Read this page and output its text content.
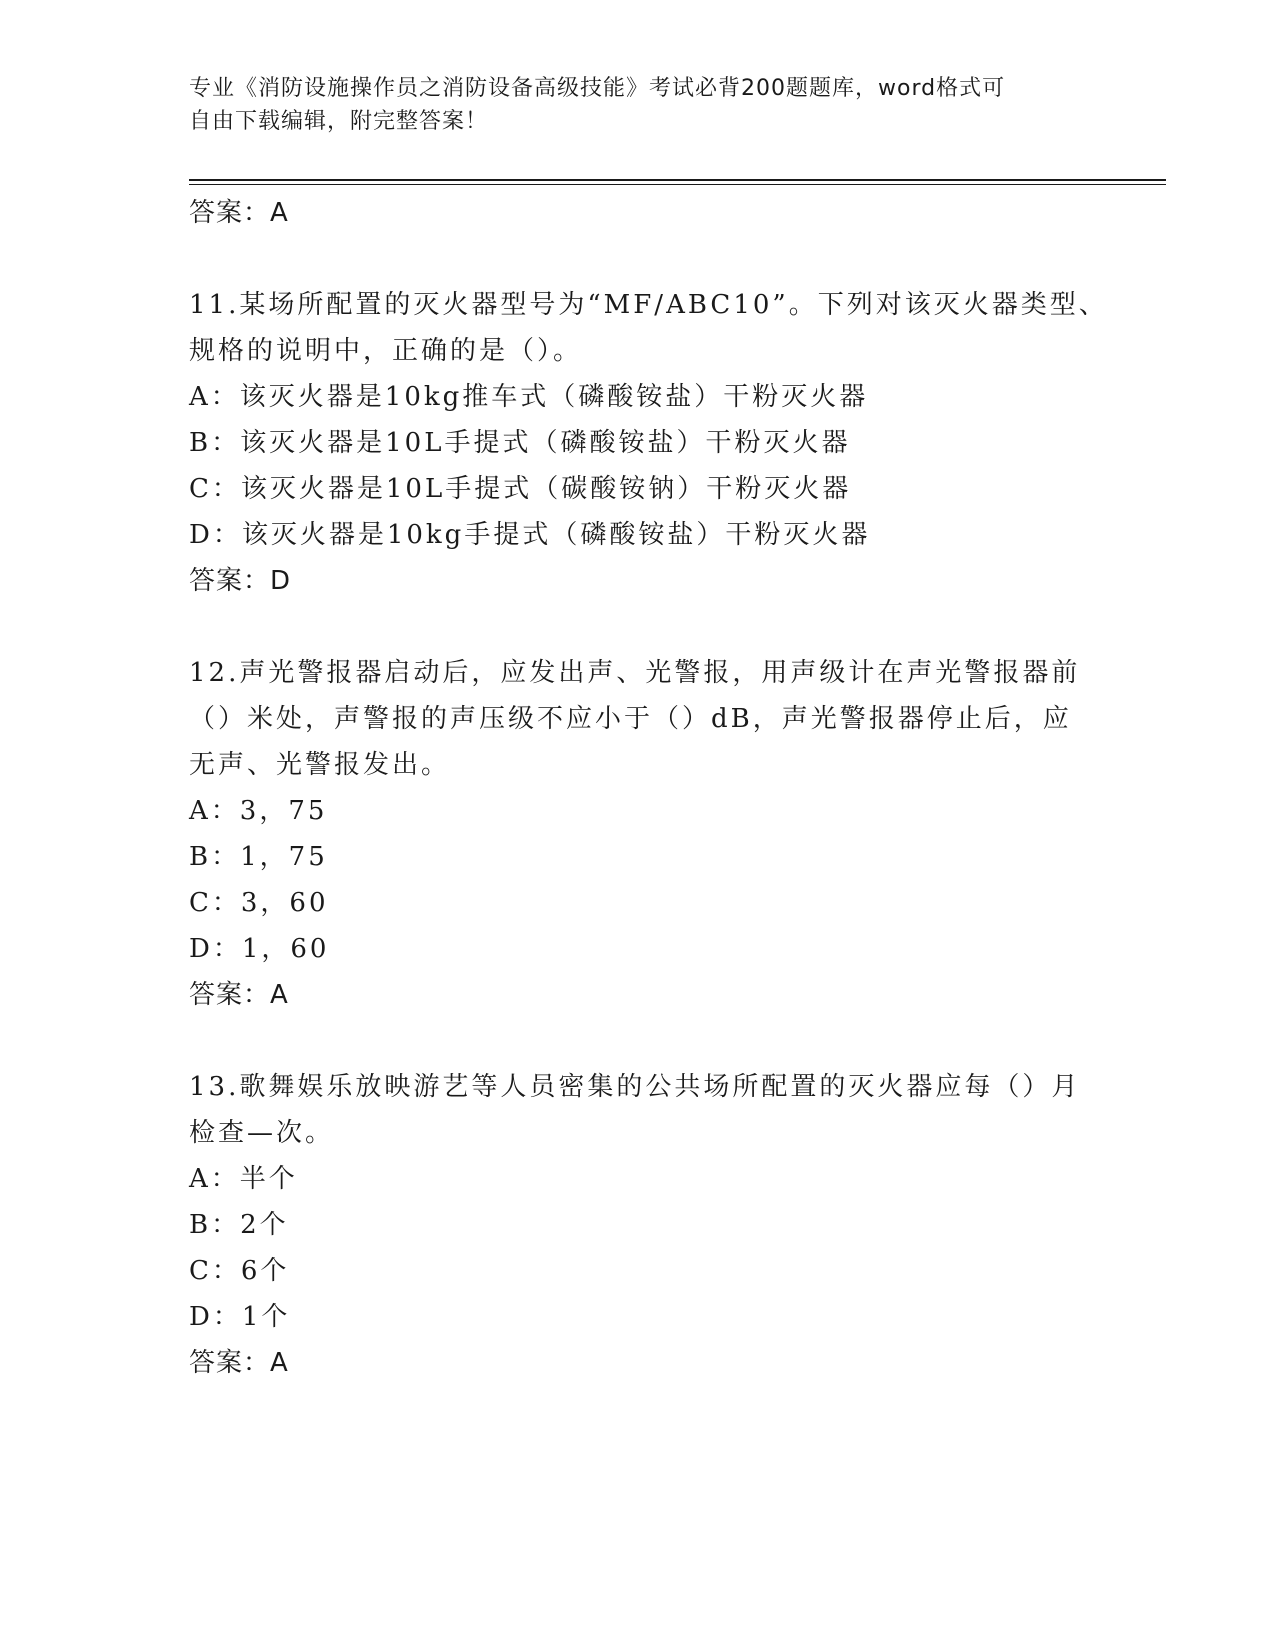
专业《消防设施操作员之消防设备高级技能》考试必背200题题库，word格式可
自由下载编辑，附完整答案！
答案：A
11.某场所配置的灭火器型号为“MF/ABC10”。下列对该灭火器类型、
规格的说明中，正确的是（）。
A：该灭火器是10kg推车式（磷酸铵盐）干粉灭火器
B：该灭火器是10L手提式（磷酸铵盐）干粉灭火器
C：该灭火器是10L手提式（碳酸铵钠）干粉灭火器
D：该灭火器是10kg手提式（磷酸铵盐）干粉灭火器
答案：D
12.声光警报器启动后，应发出声、光警报，用声级计在声光警报器前
（）米处，声警报的声压级不应小于（）dB，声光警报器停止后，应
无声、光警报发出。
A：3，75
B：1，75
C：3，60
D：1，60
答案：A
13.歌舞娱乐放映游艺等人员密集的公共场所配置的灭火器应每（）月
检查—次。
A：半个
B：2个
C：6个
D：1个
答案：A
